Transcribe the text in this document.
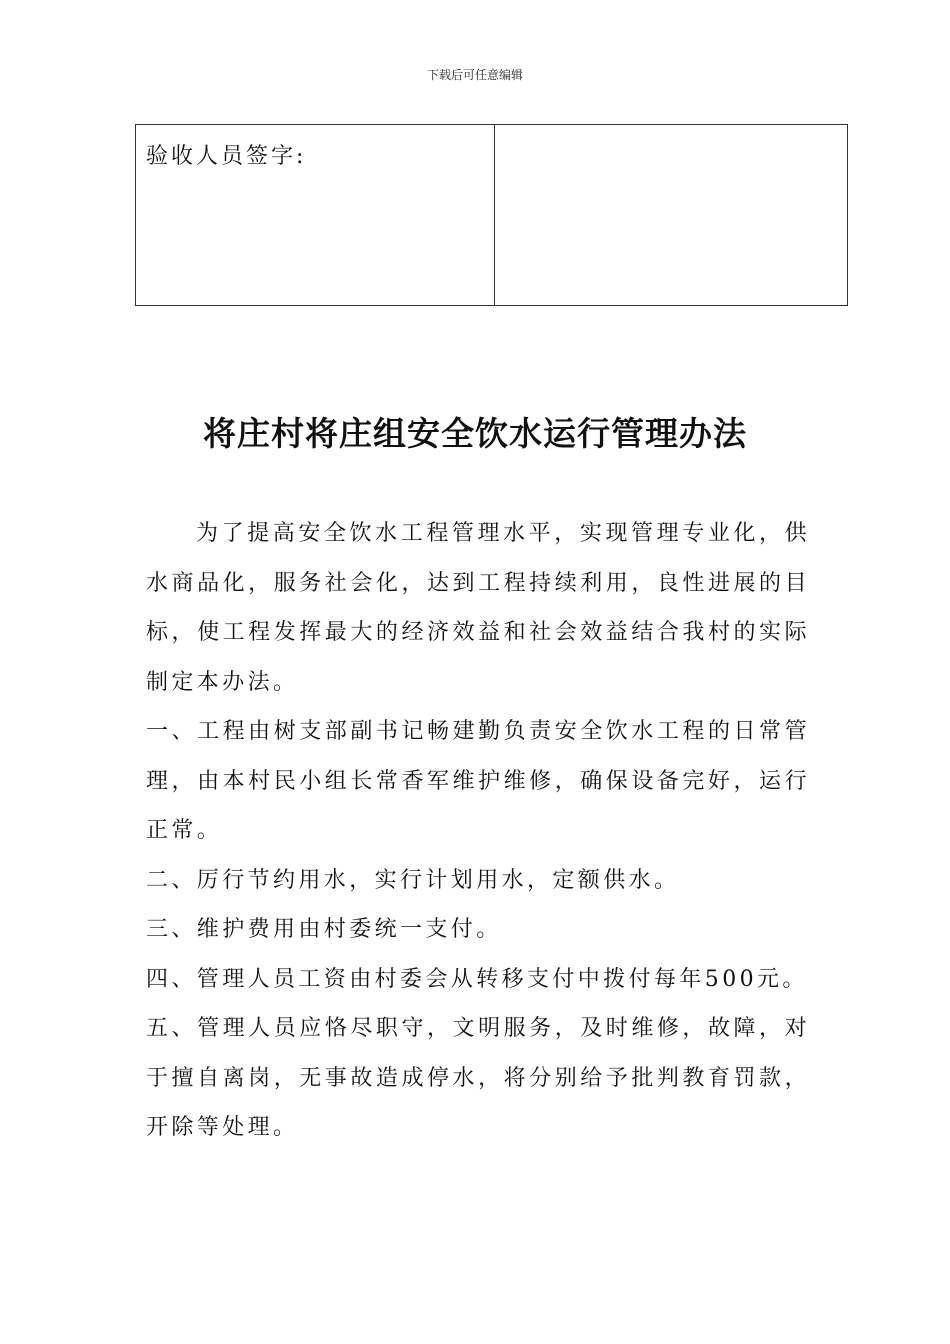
下载后可任意编辑
验收人员签字:

将庄村将庄组安全饮水运行管理办法

为了提高安全饮水工程管理水平，实现管理专业化，供水商品化，服务社会化，达到工程持续利用，良性进展的目标，使工程发挥最大的经济效益和社会效益结合我村的实际制定本办法。

一、工程由树支部副书记畅建勤负责安全饮水工程的日常管理，由本村民小组长常香军维护维修，确保设备完好，运行正常。

二、厉行节约用水，实行计划用水，定额供水。

三、维护费用由村委统一支付。

四、管理人员工资由村委会从转移支付中拨付每年500元。

五、管理人员应恪尽职守，文明服务，及时维修，故障，对于擅自离岗，无事故造成停水，将分别给予批判教育罚款，开除等处理。
